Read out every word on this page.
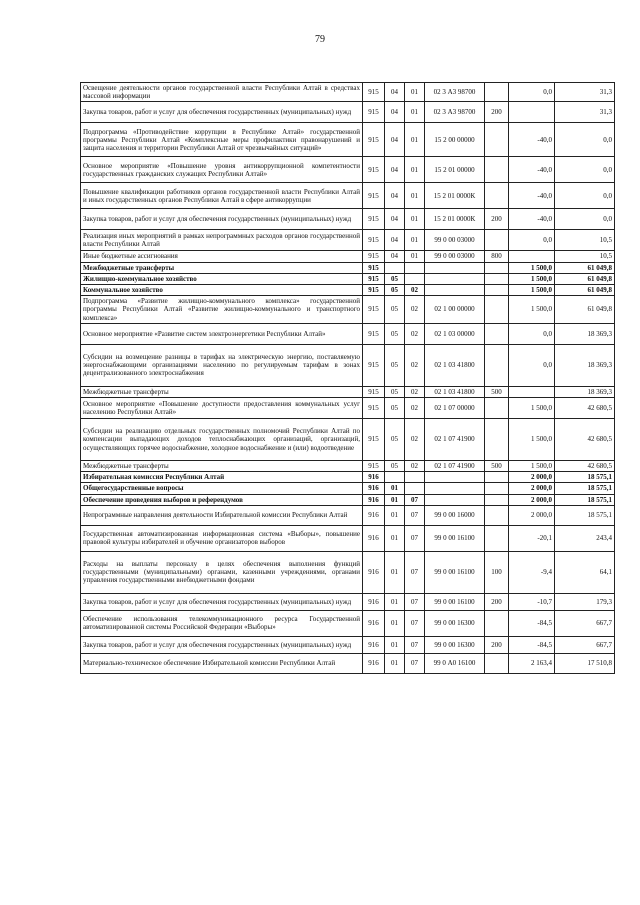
79
Освещение деятельности органов государственной власти Республики Алтай в средствах массовой информации	915	04	01	02 3 А3 98700		0,0	31,3
Закупка товаров, работ и услуг для обеспечения государственных (муниципальных) нужд	915	04	01	02 3 А3 98700	200		31,3
Подпрограмма «Противодействие коррупции в Республике Алтай» государственной программы Республики Алтай «Комплексные меры профилактики правонарушений и защита населения и территории Республики Алтай от чрезвычайных ситуаций»	915	04	01	15 2 00 00000		-40,0	0,0
Основное мероприятие «Повышение уровня антикоррупционной компетентности государственных гражданских служащих Республики Алтай»	915	04	01	15 2 01 00000		-40,0	0,0
Повышение квалификации работников органов государственной власти Республики Алтай и иных государственных органов Республики Алтай в сфере антикоррупции	915	04	01	15 2 01 0000К		-40,0	0,0
Закупка товаров, работ и услуг для обеспечения государственных (муниципальных) нужд	915	04	01	15 2 01 0000К	200	-40,0	0,0
Реализация иных мероприятий в рамках непрограммных расходов органов государственной власти Республики Алтай	915	04	01	99 0 00 03000		0,0	10,5
Иные бюджетные ассигнования	915	04	01	99 0 00 03000	800		10,5
Межбюджетные трансферты	915					1 500,0	61 049,8
Жилищно-коммунальное хозяйство	915	05				1 500,0	61 049,8
Коммунальное хозяйство	915	05	02			1 500,0	61 049,8
Подпрограмма «Развитие жилищно-коммунального комплекса» государственной программы Республики Алтай «Развитие жилищно-коммунального и транспортного комплекса»	915	05	02	02 1 00 00000		1 500,0	61 049,8
Основное мероприятие «Развитие систем электроэнергетики Республики Алтай»	915	05	02	02 1 03 00000		0,0	18 369,3
Субсидии на возмещение разницы в тарифах на электрическую энергию, поставляемую энергоснабжающими организациями населению по регулируемым тарифам в зонах децентрализованного электроснабжения	915	05	02	02 1 03 41800		0,0	18 369,3
Межбюджетные трансферты	915	05	02	02 1 03 41800	500		18 369,3
Основное мероприятие «Повышение доступности предоставления коммунальных услуг населению Республики Алтай»	915	05	02	02 1 07 00000		1 500,0	42 680,5
Субсидии на реализацию отдельных государственных полномочий Республики Алтай по компенсации выпадающих доходов теплоснабжающих организаций, организаций, осуществляющих горячее водоснабжение, холодное водоснабжение и (или) водоотведение	915	05	02	02 1 07 41900		1 500,0	42 680,5
Межбюджетные трансферты	915	05	02	02 1 07 41900	500	1 500,0	42 680,5
Избирательная комиссия Республики Алтай	916					2 000,0	18 575,1
Общегосударственные вопросы	916	01				2 000,0	18 575,1
Обеспечение проведения выборов и референдумов	916	01	07			2 000,0	18 575,1
Непрограммные направления деятельности Избирательной комиссии Республики Алтай	916	01	07	99 0 00 16000		2 000,0	18 575,1
Государственная автоматизированная информационная система «Выборы», повышение правовой культуры избирателей и обучение организаторов выборов	916	01	07	99 0 00 16100		-20,1	243,4
Расходы на выплаты персоналу в целях обеспечения выполнения функций государственными (муниципальными) органами, казенными учреждениями, органами управления государственными внебюджетными фондами	916	01	07	99 0 00 16100	100	-9,4	64,1
Закупка товаров, работ и услуг для обеспечения государственных (муниципальных) нужд	916	01	07	99 0 00 16100	200	-10,7	179,3
Обеспечение использования телекоммуникационного ресурса Государственной автоматизированной системы Российской Федерации «Выборы»	916	01	07	99 0 00 16300		-84,5	667,7
Закупка товаров, работ и услуг для обеспечения государственных (муниципальных) нужд	916	01	07	99 0 00 16300	200	-84,5	667,7
Материально-техническое обеспечение Избирательной комиссии Республики Алтай	916	01	07	99 0 А0 16100		2 163,4	17 510,8
